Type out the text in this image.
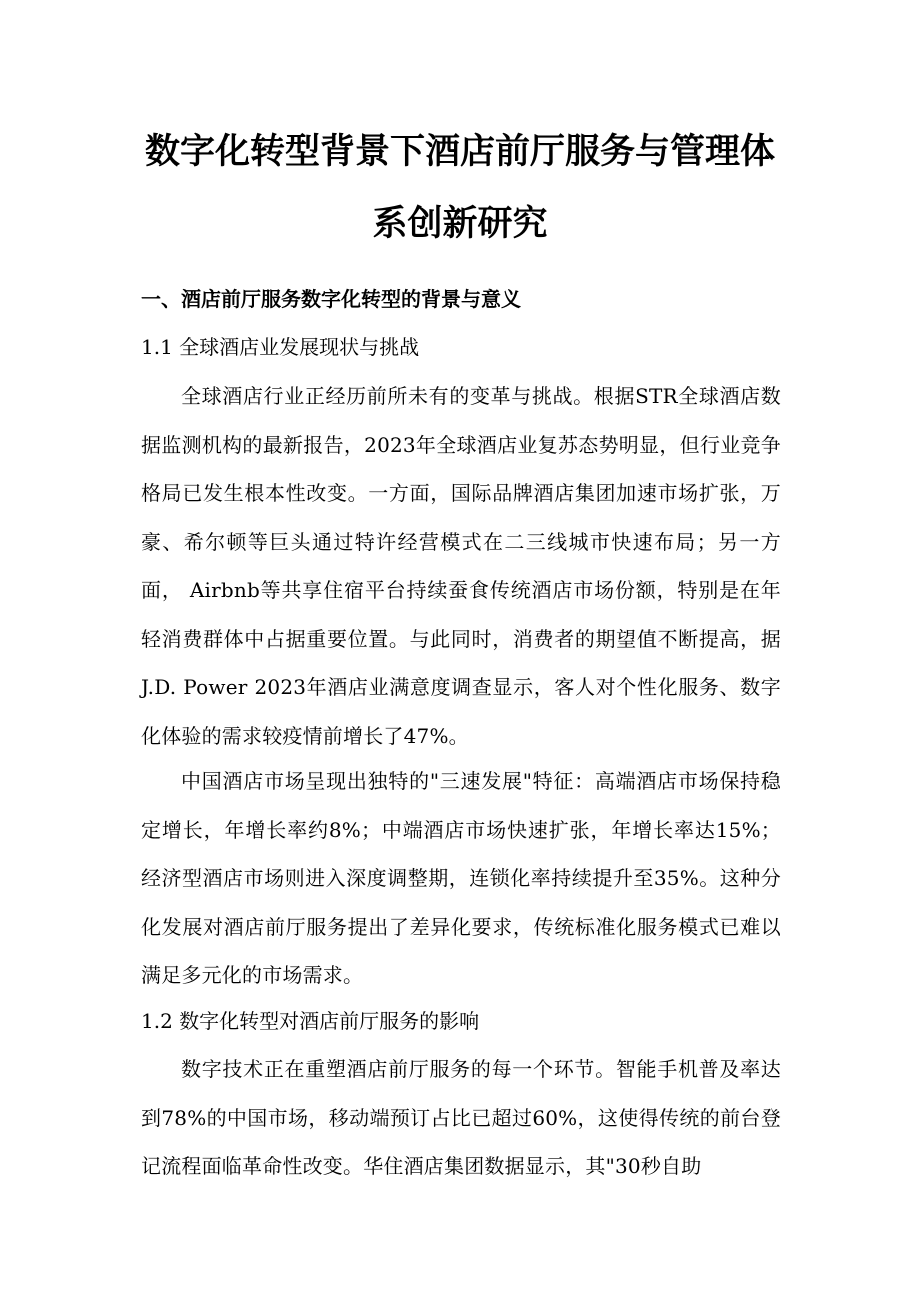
数字化转型背景下酒店前厅服务与管理体
系创新研究
一、酒店前厅服务数字化转型的背景与意义
1.1 全球酒店业发展现状与挑战
全球酒店行业正经历前所未有的变革与挑战。根据STR全球酒店数据监测机构的最新报告，2023年全球酒店业复苏态势明显，但行业竞争格局已发生根本性改变。一方面，国际品牌酒店集团加速市场扩张，万豪、希尔顿等巨头通过特许经营模式在二三线城市快速布局；另一方面， Airbnb等共享住宿平台持续蚕食传统酒店市场份额，特别是在年轻消费群体中占据重要位置。与此同时，消费者的期望值不断提高，据J.D. Power 2023年酒店业满意度调查显示，客人对个性化服务、数字化体验的需求较疫情前增长了47%。
中国酒店市场呈现出独特的"三速发展"特征：高端酒店市场保持稳定增长，年增长率约8%；中端酒店市场快速扩张，年增长率达15%；经济型酒店市场则进入深度调整期，连锁化率持续提升至35%。这种分化发展对酒店前厅服务提出了差异化要求，传统标准化服务模式已难以满足多元化的市场需求。
1.2 数字化转型对酒店前厅服务的影响
数字技术正在重塑酒店前厅服务的每一个环节。智能手机普及率达到78%的中国市场，移动端预订占比已超过60%，这使得传统的前台登记流程面临革命性改变。华住酒店集团数据显示，其"30秒自助
